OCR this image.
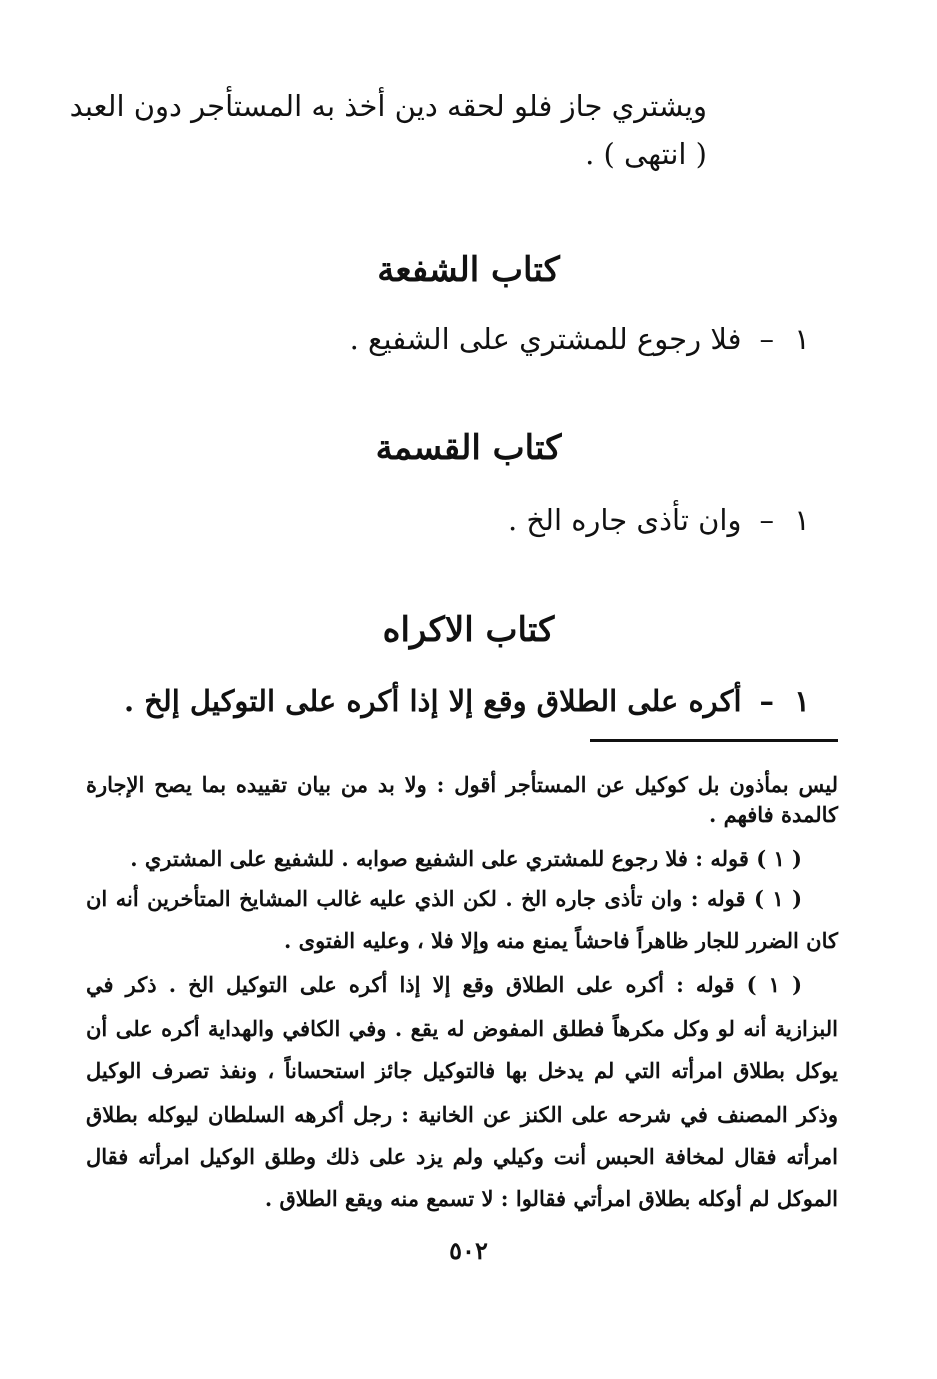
ويشتري جاز فلو لحقه دين أخذ به المستأجر دون العبد
( انتهى ) .
كتاب الشفعة
١
–
فلا رجوع للمشتري على الشفيع .
كتاب القسمة
١
–
وان تأذى جاره الخ .
كتاب الاكراه
١
–
أكره على الطلاق وقع إلا إذا أكره على التوكيل إلخ .
ليس بمأذون بل كوكيل عن المستأجر أقول : ولا بد من بيان تقييده بما يصح الإجارة
كالمدة فافهم .
( ١ ) قوله : فلا رجوع للمشتري على الشفيع صوابه . للشفيع على المشتري .
( ١ ) قوله : وان تأذى جاره الخ . لكن الذي عليه غالب المشايخ المتأخرين أنه ان
كان الضرر للجار ظاهراً فاحشاً يمنع منه وإلا فلا ، وعليه الفتوى .
( ١ ) قوله : أكره على الطلاق وقع إلا إذا أكره على التوكيل الخ . ذكر في
البزازية أنه لو وكل مكرهاً فطلق المفوض له يقع . وفي الكافي والهداية أكره على أن
يوكل بطلاق امرأته التي لم يدخل بها فالتوكيل جائز استحساناً ، ونفذ تصرف الوكيل
وذكر المصنف في شرحه على الكنز عن الخانية : رجل أكرهه السلطان ليوكله بطلاق
امرأته فقال لمخافة الحبس أنت وكيلي ولم يزد على ذلك وطلق الوكيل امرأته فقال
الموكل لم أوكله بطلاق امرأتي فقالوا : لا تسمع منه ويقع الطلاق .
٥٠٢
